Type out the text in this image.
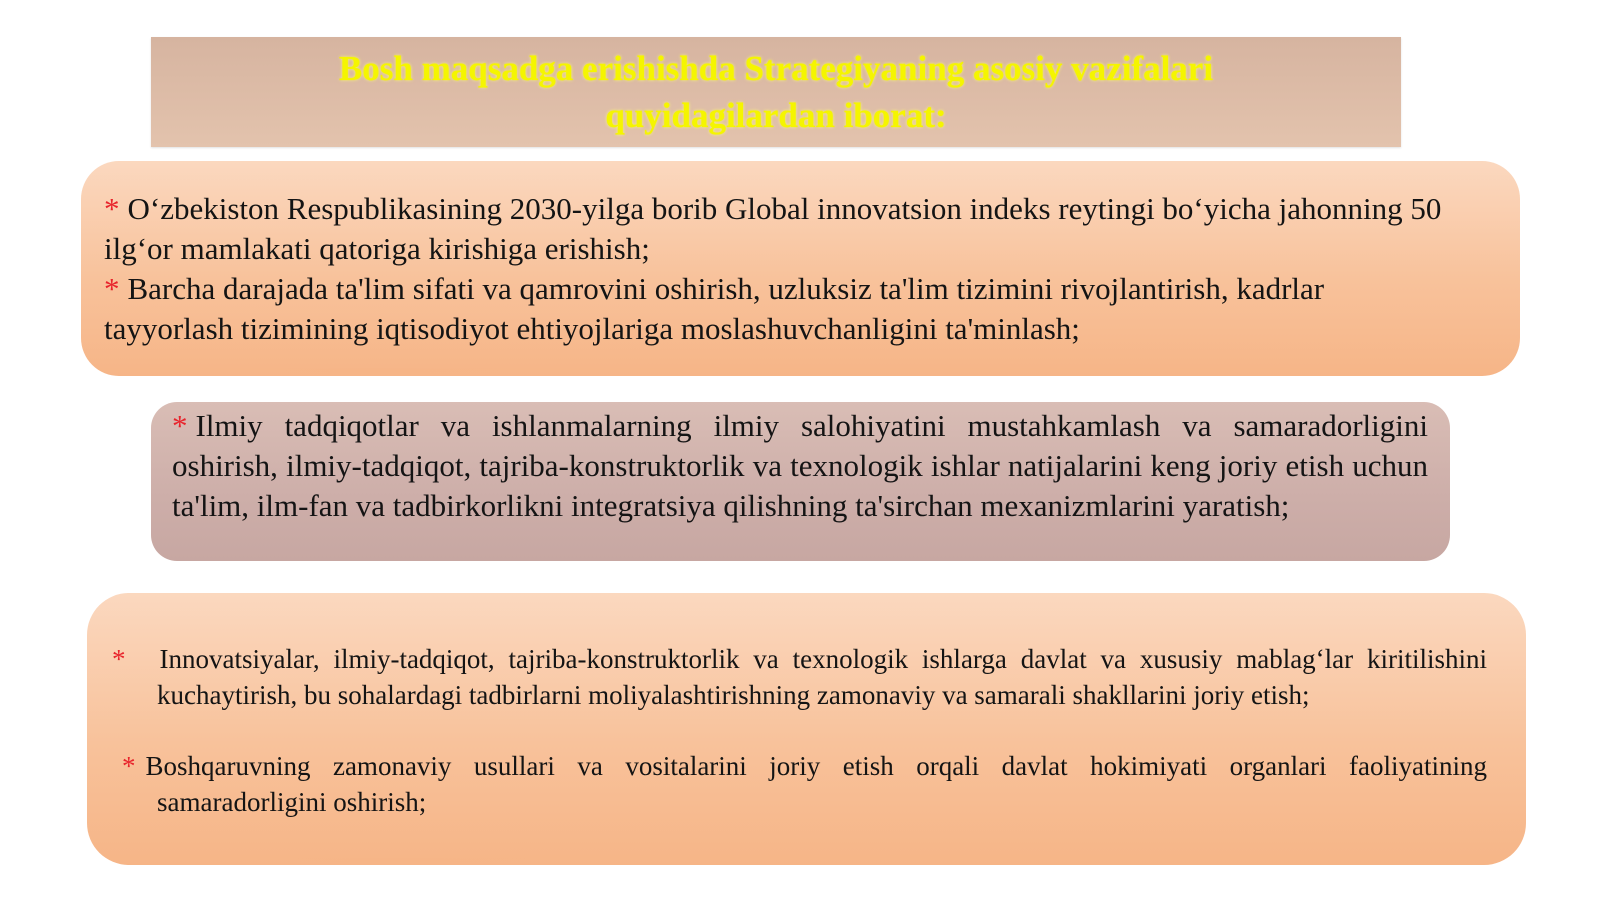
Bosh maqsadga erishishda Strategiyaning asosiy vazifalari
quyidagilardan iborat:

* O‘zbekiston Respublikasining 2030-yilga borib Global innovatsion indeks reytingi bo‘yicha jahonning 50 ilg‘or mamlakati qatoriga kirishiga erishish;

* Barcha darajada ta'lim sifati va qamrovini oshirish, uzluksiz ta'lim tizimini rivojlantirish, kadrlar tayyorlash tizimining iqtisodiyot ehtiyojlariga moslashuvchanligini ta'minlash;

* Ilmiy tadqiqotlar va ishlanmalarning ilmiy salohiyatini mustahkamlash va samaradorligini oshirish, ilmiy-tadqiqot, tajriba-konstruktorlik va texnologik ishlar natijalarini keng joriy etish uchun ta'lim, ilm-fan va tadbirkorlikni integratsiya qilishning ta'sirchan mexanizmlarini yaratish;

* Innovatsiyalar, ilmiy-tadqiqot, tajriba-konstruktorlik va texnologik ishlarga davlat va xususiy mablag‘lar kiritilishini kuchaytirish, bu sohalardagi tadbirlarni moliyalashtirishning zamonaviy va samarali shakllarini joriy etish;

* Boshqaruvning zamonaviy usullari va vositalarini joriy etish orqali davlat hokimiyati organlari faoliyatining samaradorligini oshirish;
